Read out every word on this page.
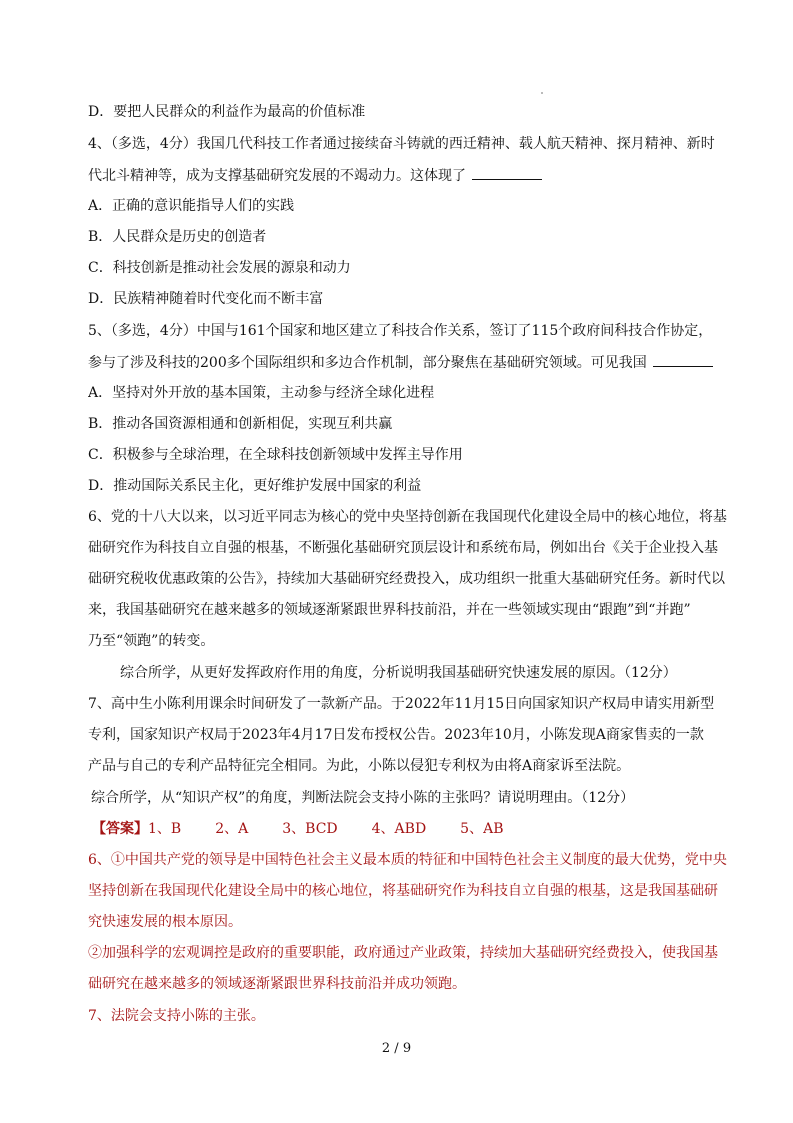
D．要把人民群众的利益作为最高的价值标准
4、（多选，4分）我国几代科技工作者通过接续奋斗铸就的西迁精神、载人航天精神、探月精神、新时
代北斗精神等，成为支撑基础研究发展的不竭动力。这体现了
A．正确的意识能指导人们的实践
B．人民群众是历史的创造者
C．科技创新是推动社会发展的源泉和动力
D．民族精神随着时代变化而不断丰富
5、（多选，4分）中国与161个国家和地区建立了科技合作关系，签订了115个政府间科技合作协定，
参与了涉及科技的200多个国际组织和多边合作机制，部分聚焦在基础研究领域。可见我国
A．坚持对外开放的基本国策，主动参与经济全球化进程
B．推动各国资源相通和创新相促，实现互利共赢
C．积极参与全球治理，在全球科技创新领域中发挥主导作用
D．推动国际关系民主化，更好维护发展中国家的利益
6、党的十八大以来，以习近平同志为核心的党中央坚持创新在我国现代化建设全局中的核心地位，将基
础研究作为科技自立自强的根基，不断强化基础研究顶层设计和系统布局，例如出台《关于企业投入基
础研究税收优惠政策的公告》，持续加大基础研究经费投入，成功组织一批重大基础研究任务。新时代以
来，我国基础研究在越来越多的领域逐渐紧跟世界科技前沿，并在一些领域实现由“跟跑”到“并跑”
乃至“领跑”的转变。
综合所学，从更好发挥政府作用的角度，分析说明我国基础研究快速发展的原因。（12分）
7、高中生小陈利用课余时间研发了一款新产品。于2022年11月15日向国家知识产权局申请实用新型
专利，国家知识产权局于2023年4月17日发布授权公告。2023年10月，小陈发现A商家售卖的一款
产品与自己的专利产品特征完全相同。为此，小陈以侵犯专利权为由将A商家诉至法院。
综合所学，从“知识产权”的角度，判断法院会支持小陈的主张吗？请说明理由。（12分）
【答案】1、B 2、A 3、BCD 4、ABD 5、AB
6、①中国共产党的领导是中国特色社会主义最本质的特征和中国特色社会主义制度的最大优势，党中央
坚持创新在我国现代化建设全局中的核心地位，将基础研究作为科技自立自强的根基，这是我国基础研
究快速发展的根本原因。
②加强科学的宏观调控是政府的重要职能，政府通过产业政策，持续加大基础研究经费投入，使我国基
础研究在越来越多的领域逐渐紧跟世界科技前沿并成功领跑。
7、法院会支持小陈的主张。
2 / 9
